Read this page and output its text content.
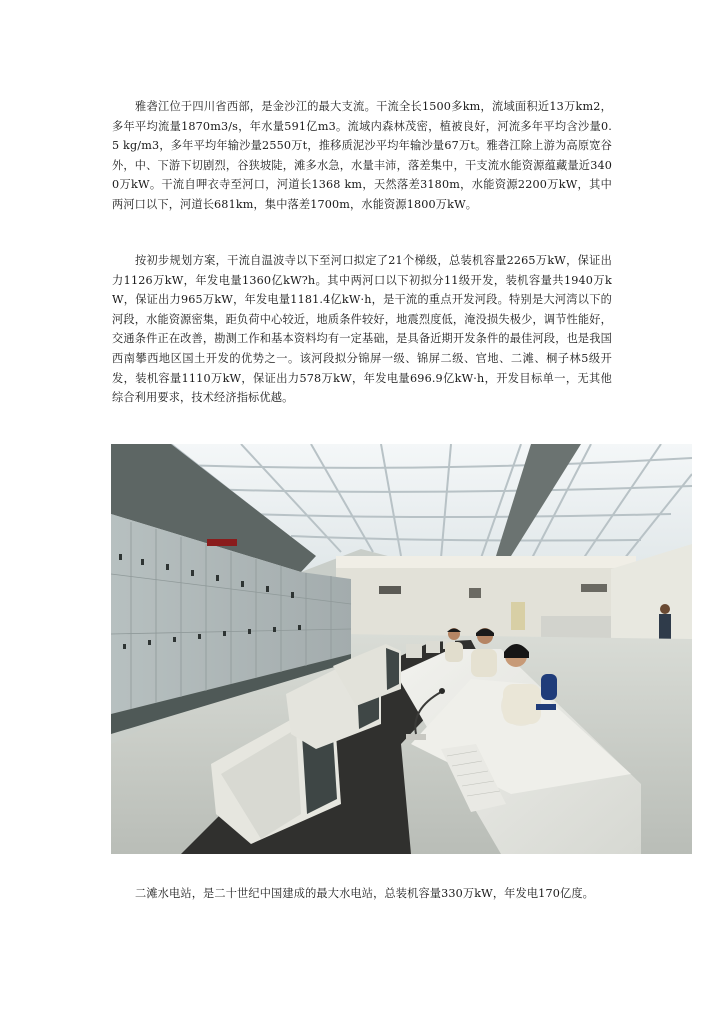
雅砻江位于四川省西部，是金沙江的最大支流。干流全长1500多km，流域面积近13万km2，多年平均流量1870m3/s，年水量591亿m3。流域内森林茂密，植被良好，河流多年平均含沙量0.5 kg/m3，多年平均年输沙量2550万t，推移质泥沙平均年输沙量67万t。雅砻江除上游为高原宽谷外，中、下游下切剧烈，谷狭坡陡，滩多水急，水量丰沛，落差集中，干支流水能资源蕴藏量近3400万kW。干流自呷衣寺至河口，河道长1368 km，天然落差3180m，水能资源2200万kW，其中两河口以下，河道长681km，集中落差1700m，水能资源1800万kW。

按初步规划方案，干流自温波寺以下至河口拟定了21个梯级，总装机容量2265万kW，保证出力1126万kW，年发电量1360亿kW?h。其中两河口以下初拟分11级开发，装机容量共1940万kW，保证出力965万kW，年发电量1181.4亿kW·h，是干流的重点开发河段。特别是大河湾以下的河段，水能资源密集，距负荷中心较近，地质条件较好，地震烈度低，淹没损失极少，调节性能好，交通条件正在改善，勘测工作和基本资料均有一定基础，是具备近期开发条件的最佳河段，也是我国西南攀西地区国土开发的优势之一。该河段拟分锦屏一级、锦屏二级、官地、二滩、桐子林5级开发，装机容量1110万kW，保证出力578万kW，年发电量696.9亿kW·h，开发目标单一，无其他综合利用要求，技术经济指标优越。

二滩水电站，是二十世纪中国建成的最大水电站，总装机容量330万kW，年发电170亿度。
